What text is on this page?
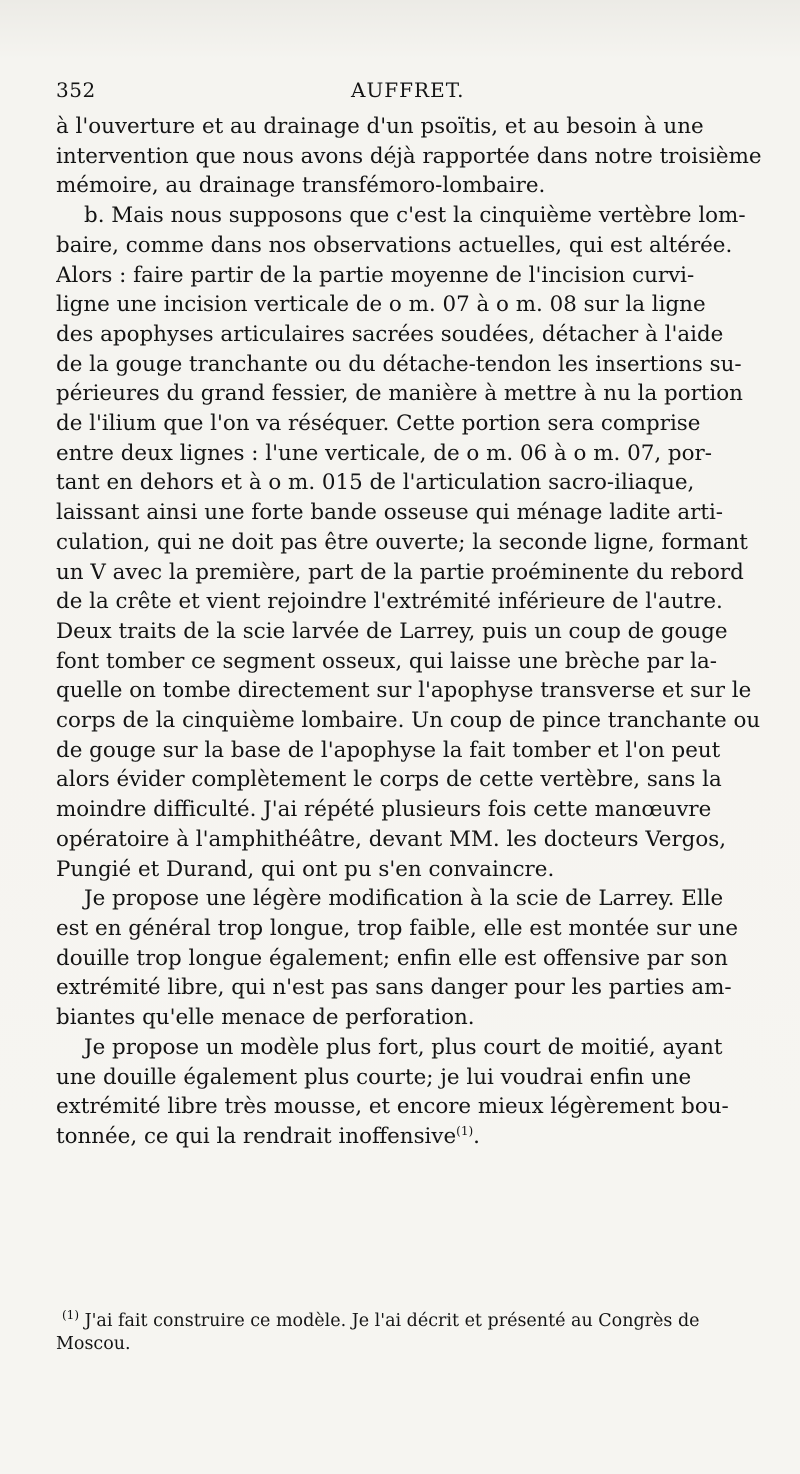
352	AUFFRET.
à l'ouverture et au drainage d'un psoïtis, et au besoin à une
intervention que nous avons déjà rapportée dans notre troisième
mémoire, au drainage transfémoro-lombaire.
b. Mais nous supposons que c'est la cinquième vertèbre lom-
baire, comme dans nos observations actuelles, qui est altérée.
Alors : faire partir de la partie moyenne de l'incision curvi-
ligne une incision verticale de o m. 07 à o m. 08 sur la ligne
des apophyses articulaires sacrées soudées, détacher à l'aide
de la gouge tranchante ou du détache-tendon les insertions su-
périeures du grand fessier, de manière à mettre à nu la portion
de l'ilium que l'on va réséquer. Cette portion sera comprise
entre deux lignes : l'une verticale, de o m. 06 à o m. 07, por-
tant en dehors et à o m. 015 de l'articulation sacro-iliaque,
laissant ainsi une forte bande osseuse qui ménage ladite arti-
culation, qui ne doit pas être ouverte; la seconde ligne, formant
un V avec la première, part de la partie proéminente du rebord
de la crête et vient rejoindre l'extrémité inférieure de l'autre.
Deux traits de la scie larvée de Larrey, puis un coup de gouge
font tomber ce segment osseux, qui laisse une brèche par la-
quelle on tombe directement sur l'apophyse transverse et sur le
corps de la cinquième lombaire. Un coup de pince tranchante ou
de gouge sur la base de l'apophyse la fait tomber et l'on peut
alors évider complètement le corps de cette vertèbre, sans la
moindre difficulté. J'ai répété plusieurs fois cette manœuvre
opératoire à l'amphithéâtre, devant MM. les docteurs Vergos,
Pungié et Durand, qui ont pu s'en convaincre.
Je propose une légère modification à la scie de Larrey. Elle
est en général trop longue, trop faible, elle est montée sur une
douille trop longue également; enfin elle est offensive par son
extrémité libre, qui n'est pas sans danger pour les parties am-
biantes qu'elle menace de perforation.
Je propose un modèle plus fort, plus court de moitié, ayant
une douille également plus courte; je lui voudrai enfin une
extrémité libre très mousse, et encore mieux légèrement bou-
tonnée, ce qui la rendrait inoffensive$^{(1)}$.
$^{(1)}$ J'ai fait construire ce modèle. Je l'ai décrit et présenté au Congrès de
Moscou.
